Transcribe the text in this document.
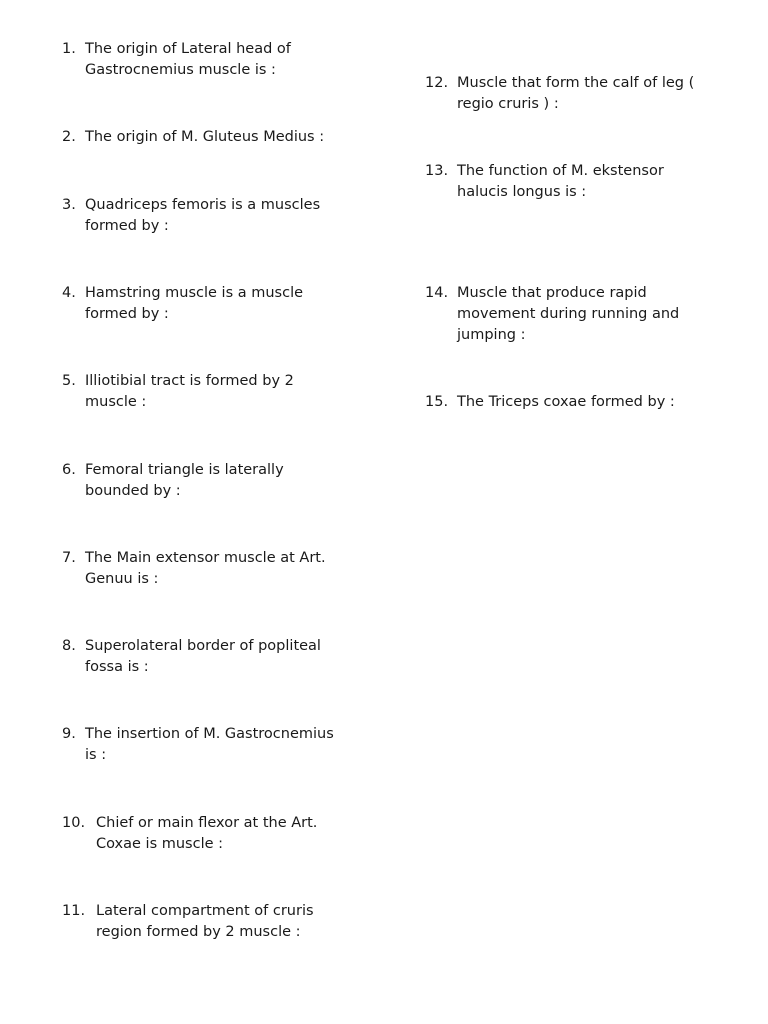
1. The origin of Lateral head of Gastrocnemius muscle is :
2. The origin of M. Gluteus Medius :
3. Quadriceps femoris is a muscles formed by :
4. Hamstring muscle is a muscle formed by :
5. Illiotibial tract is formed by 2 muscle :
6. Femoral triangle is laterally bounded by :
7. The Main extensor muscle at Art. Genuu is :
8. Superolateral border of popliteal fossa is :
9. The insertion of M. Gastrocnemius is :
10. Chief or main flexor at the Art. Coxae is muscle :
11. Lateral compartment of cruris region formed by 2 muscle :
12. Muscle that form the calf of leg ( regio cruris ) :
13. The function of M. ekstensor halucis longus is :
14. Muscle that produce rapid movement during running and jumping :
15. The Triceps coxae formed by :
